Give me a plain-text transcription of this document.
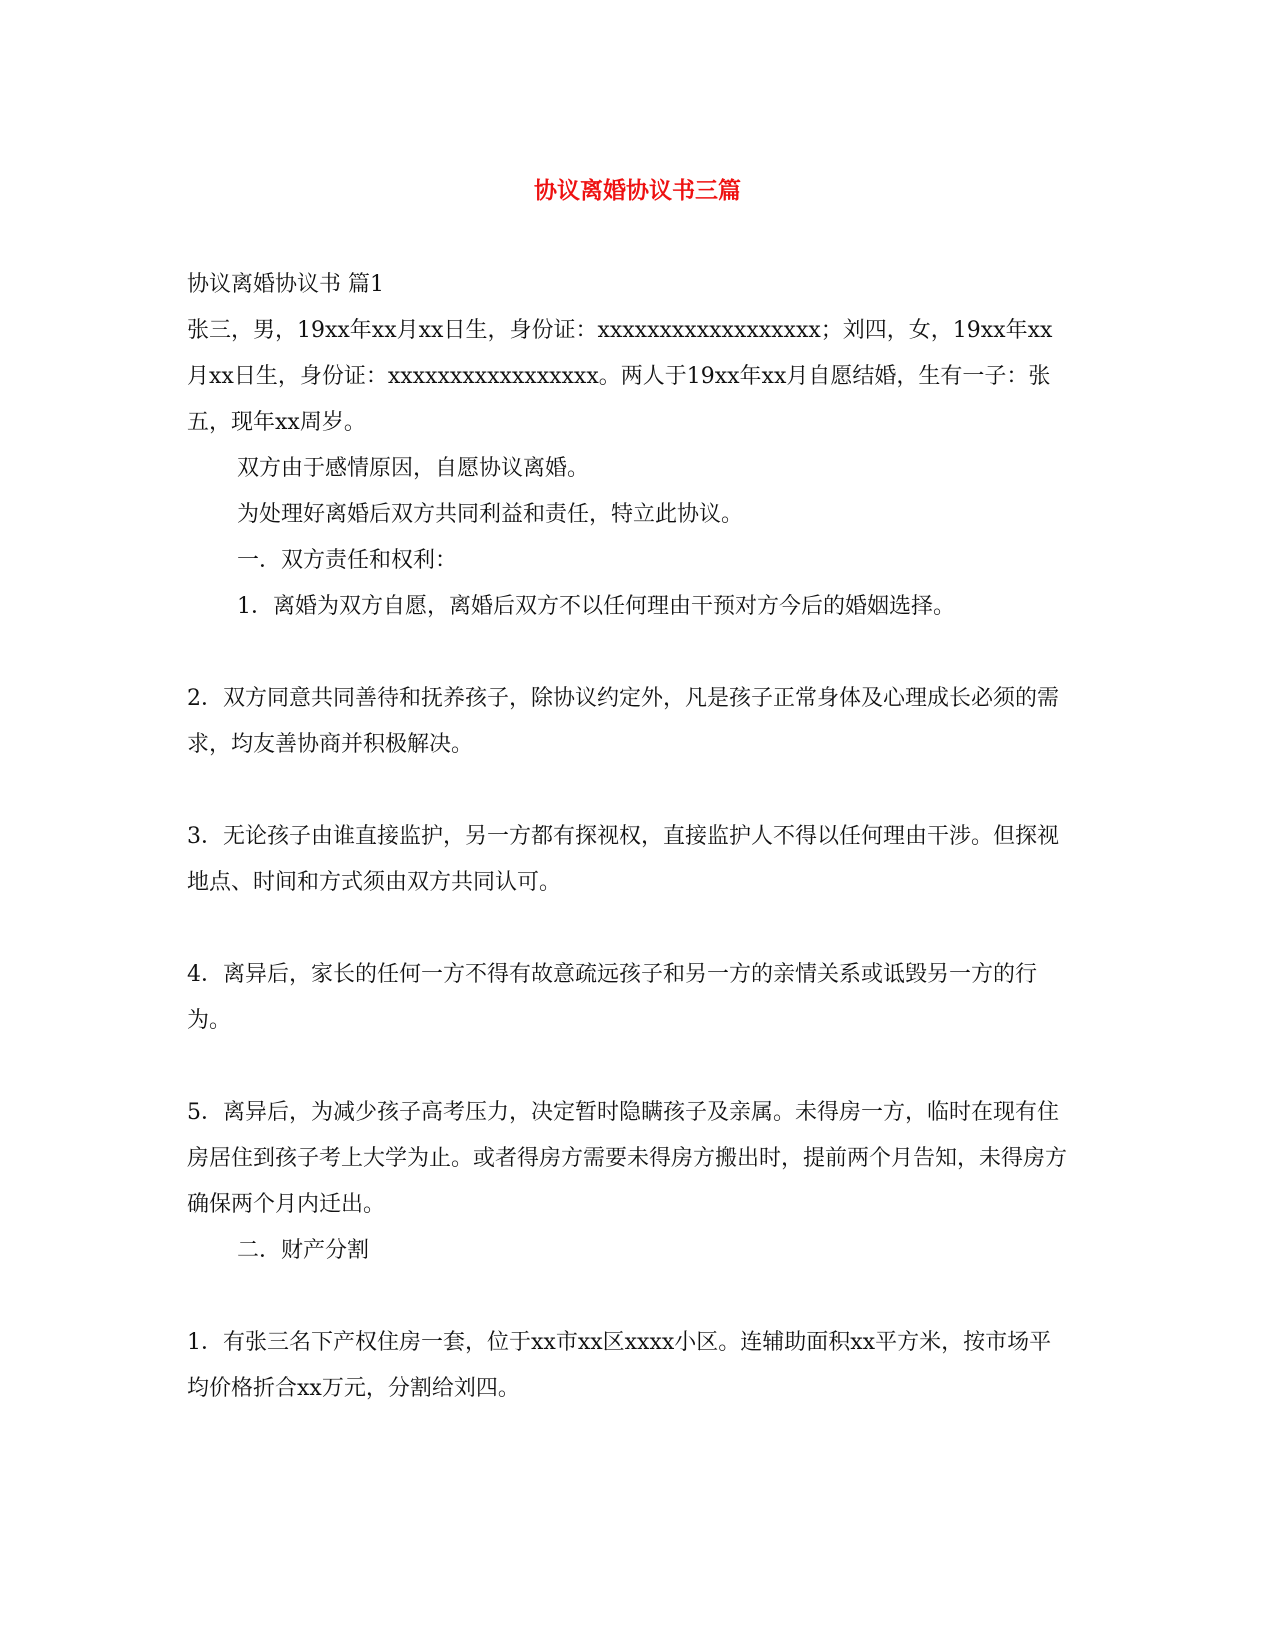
协议离婚协议书三篇

协议离婚协议书 篇1

张三，男，19xx年xx月xx日生，身份证：xxxxxxxxxxxxxxxxxx；刘四，女，19xx年xx月xx日生，身份证：xxxxxxxxxxxxxxxxx。两人于19xx年xx月自愿结婚，生有一子：张五，现年xx周岁。

双方由于感情原因，自愿协议离婚。

为处理好离婚后双方共同利益和责任，特立此协议。

一．双方责任和权利：

1．离婚为双方自愿，离婚后双方不以任何理由干预对方今后的婚姻选择。

2．双方同意共同善待和抚养孩子，除协议约定外，凡是孩子正常身体及心理成长必须的需求，均友善协商并积极解决。

3．无论孩子由谁直接监护，另一方都有探视权，直接监护人不得以任何理由干涉。但探视地点、时间和方式须由双方共同认可。

4．离异后，家长的任何一方不得有故意疏远孩子和另一方的亲情关系或诋毁另一方的行为。

5．离异后，为减少孩子高考压力，决定暂时隐瞒孩子及亲属。未得房一方，临时在现有住房居住到孩子考上大学为止。或者得房方需要未得房方搬出时，提前两个月告知，未得房方确保两个月内迁出。

二．财产分割

1．有张三名下产权住房一套，位于xx市xx区xxxx小区。连辅助面积xx平方米，按市场平均价格折合xx万元，分割给刘四。
